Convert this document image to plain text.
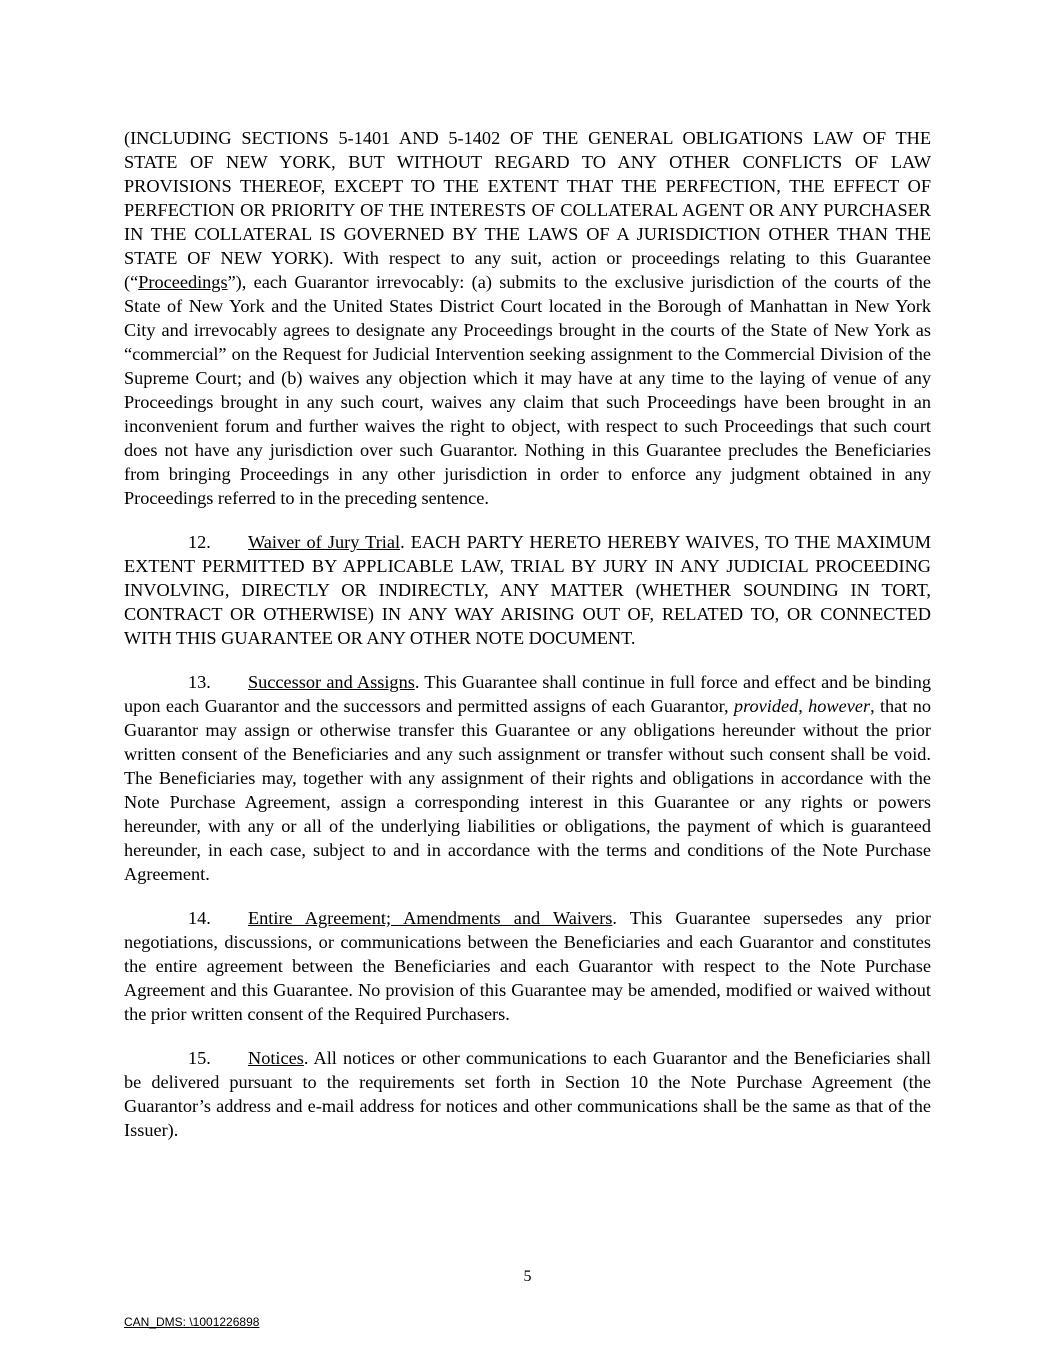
(INCLUDING SECTIONS 5-1401 AND 5-1402 OF THE GENERAL OBLIGATIONS LAW OF THE STATE OF NEW YORK, BUT WITHOUT REGARD TO ANY OTHER CONFLICTS OF LAW PROVISIONS THEREOF, EXCEPT TO THE EXTENT THAT THE PERFECTION, THE EFFECT OF PERFECTION OR PRIORITY OF THE INTERESTS OF COLLATERAL AGENT OR ANY PURCHASER IN THE COLLATERAL IS GOVERNED BY THE LAWS OF A JURISDICTION OTHER THAN THE STATE OF NEW YORK). With respect to any suit, action or proceedings relating to this Guarantee (“Proceedings”), each Guarantor irrevocably: (a) submits to the exclusive jurisdiction of the courts of the State of New York and the United States District Court located in the Borough of Manhattan in New York City and irrevocably agrees to designate any Proceedings brought in the courts of the State of New York as “commercial” on the Request for Judicial Intervention seeking assignment to the Commercial Division of the Supreme Court; and (b) waives any objection which it may have at any time to the laying of venue of any Proceedings brought in any such court, waives any claim that such Proceedings have been brought in an inconvenient forum and further waives the right to object, with respect to such Proceedings that such court does not have any jurisdiction over such Guarantor. Nothing in this Guarantee precludes the Beneficiaries from bringing Proceedings in any other jurisdiction in order to enforce any judgment obtained in any Proceedings referred to in the preceding sentence.

12. Waiver of Jury Trial. EACH PARTY HERETO HEREBY WAIVES, TO THE MAXIMUM EXTENT PERMITTED BY APPLICABLE LAW, TRIAL BY JURY IN ANY JUDICIAL PROCEEDING INVOLVING, DIRECTLY OR INDIRECTLY, ANY MATTER (WHETHER SOUNDING IN TORT, CONTRACT OR OTHERWISE) IN ANY WAY ARISING OUT OF, RELATED TO, OR CONNECTED WITH THIS GUARANTEE OR ANY OTHER NOTE DOCUMENT.

13. Successor and Assigns. This Guarantee shall continue in full force and effect and be binding upon each Guarantor and the successors and permitted assigns of each Guarantor, provided, however, that no Guarantor may assign or otherwise transfer this Guarantee or any obligations hereunder without the prior written consent of the Beneficiaries and any such assignment or transfer without such consent shall be void. The Beneficiaries may, together with any assignment of their rights and obligations in accordance with the Note Purchase Agreement, assign a corresponding interest in this Guarantee or any rights or powers hereunder, with any or all of the underlying liabilities or obligations, the payment of which is guaranteed hereunder, in each case, subject to and in accordance with the terms and conditions of the Note Purchase Agreement.

14. Entire Agreement; Amendments and Waivers. This Guarantee supersedes any prior negotiations, discussions, or communications between the Beneficiaries and each Guarantor and constitutes the entire agreement between the Beneficiaries and each Guarantor with respect to the Note Purchase Agreement and this Guarantee. No provision of this Guarantee may be amended, modified or waived without the prior written consent of the Required Purchasers.

15. Notices. All notices or other communications to each Guarantor and the Beneficiaries shall be delivered pursuant to the requirements set forth in Section 10 the Note Purchase Agreement (the Guarantor’s address and e-mail address for notices and other communications shall be the same as that of the Issuer).

5
CAN_DMS: \1001226898
